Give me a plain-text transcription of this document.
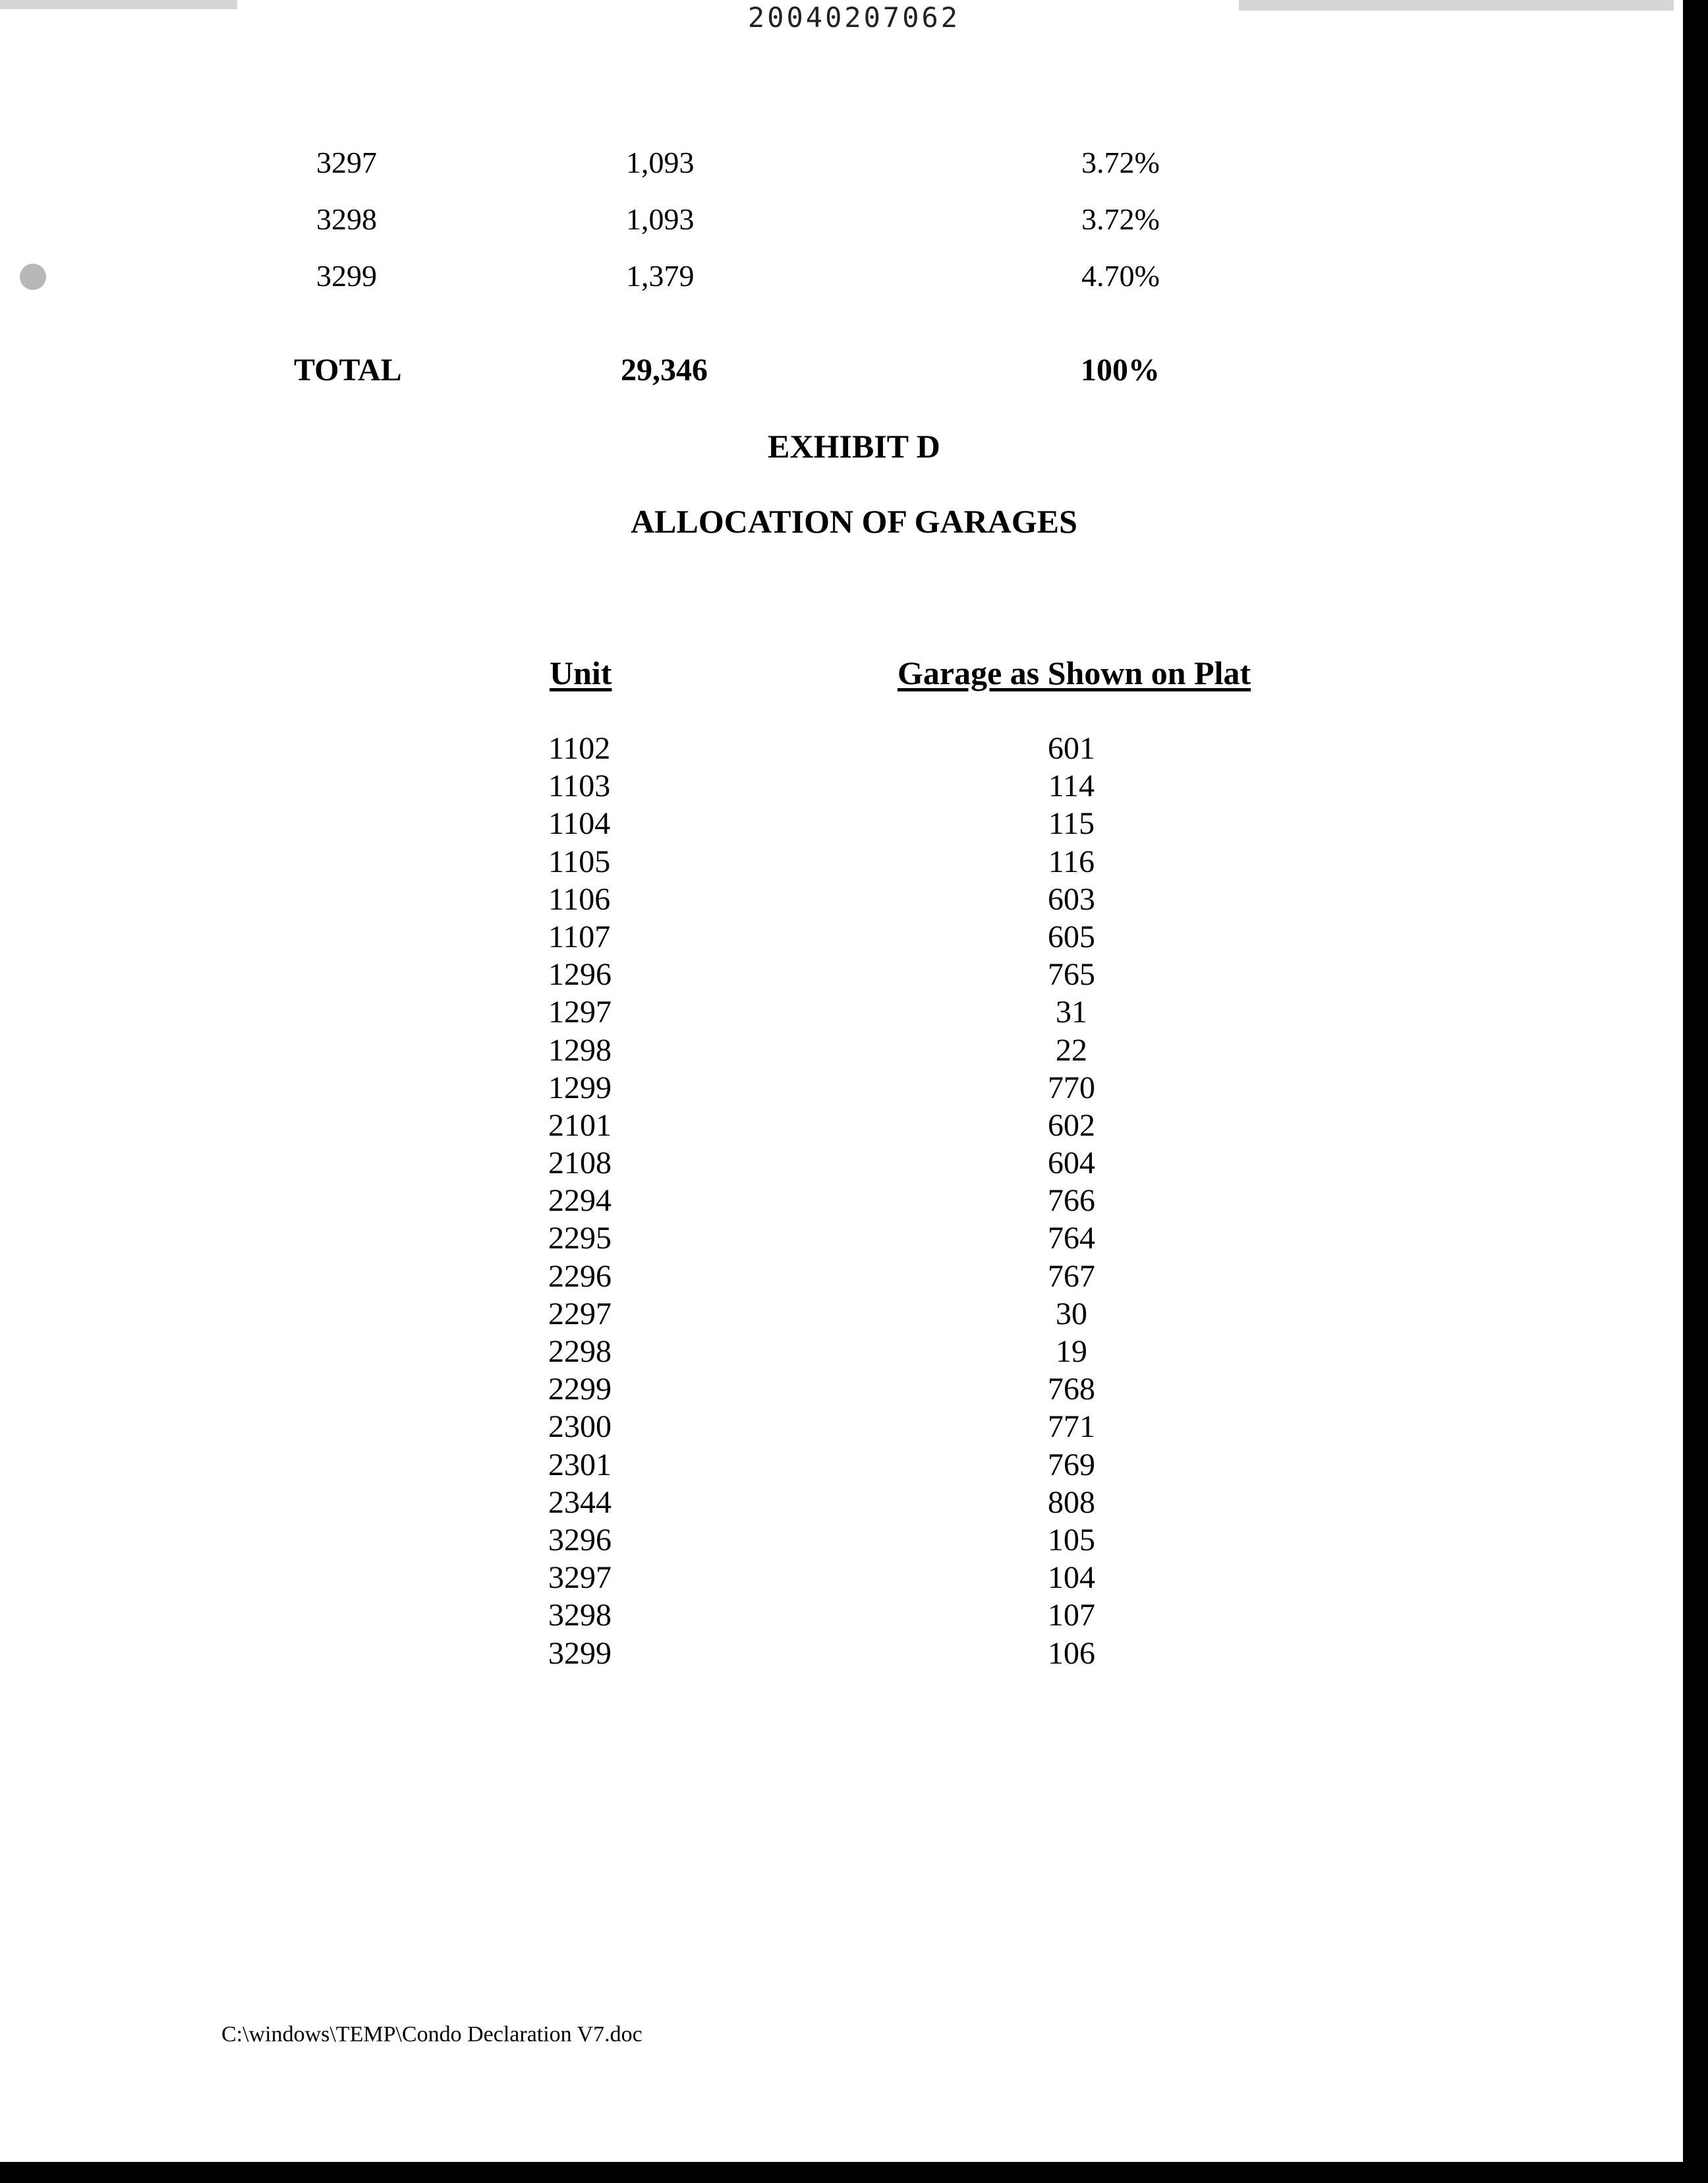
20040207062
3297	1,093	3.72%
3298	1,093	3.72%
3299	1,379	4.70%
TOTAL	29,346	100%
EXHIBIT D
ALLOCATION OF GARAGES
Unit	Garage as Shown on Plat
1102	601
1103	114
1104	115
1105	116
1106	603
1107	605
1296	765
1297	31
1298	22
1299	770
2101	602
2108	604
2294	766
2295	764
2296	767
2297	30
2298	19
2299	768
2300	771
2301	769
2344	808
3296	105
3297	104
3298	107
3299	106
C:\windows\TEMP\Condo Declaration V7.doc
